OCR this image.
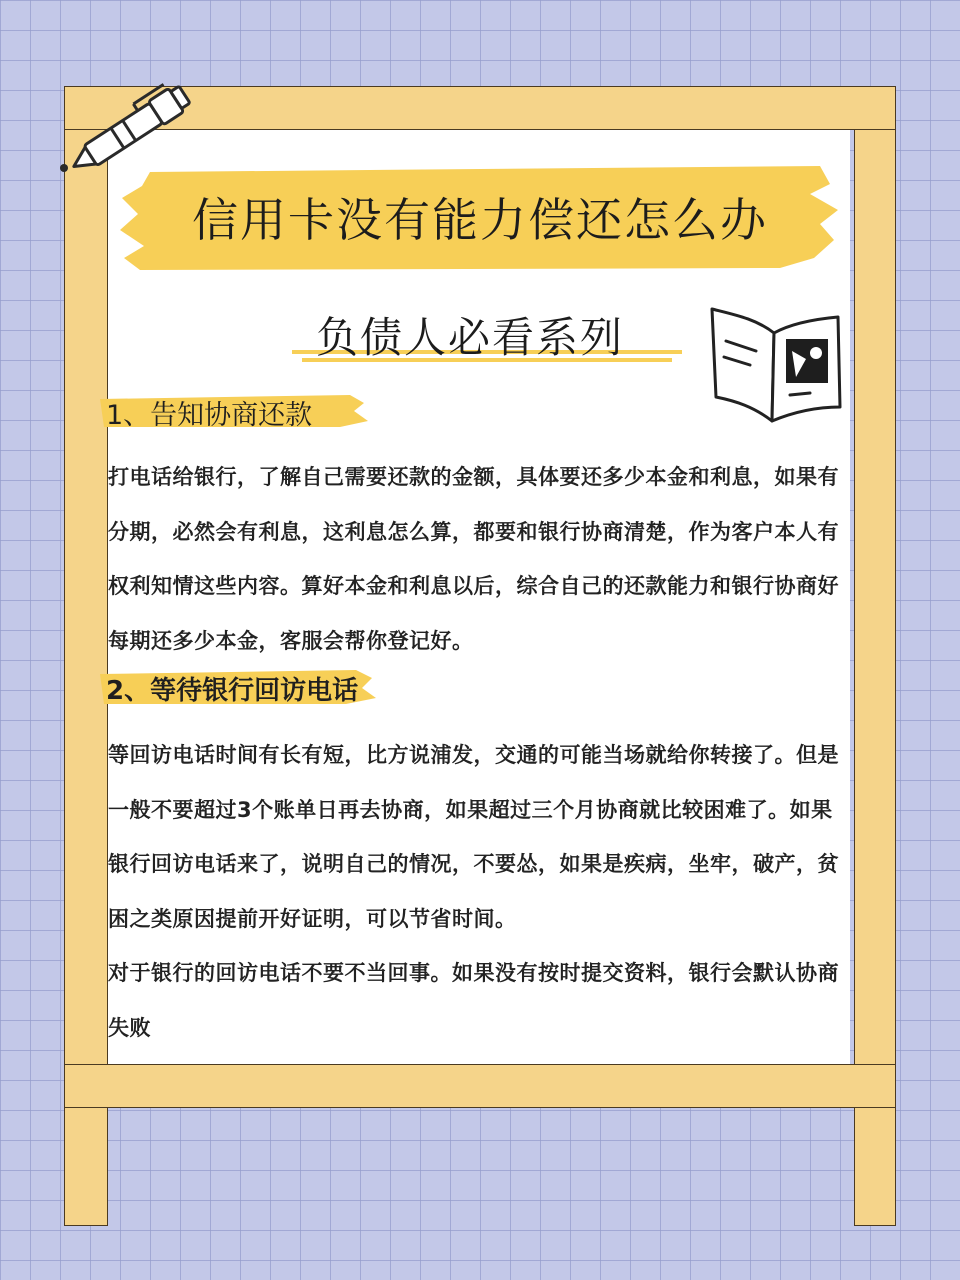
信用卡没有能力偿还怎么办
负债人必看系列
1、告知协商还款

打电话给银行，了解自己需要还款的金额，具体要还多少本金和利息，如果有分期，必然会有利息，这利息怎么算，都要和银行协商清楚，作为客户本人有权利知情这些内容。算好本金和利息以后，综合自己的还款能力和银行协商好每期还多少本金，客服会帮你登记好。

2、等待银行回访电话

等回访电话时间有长有短，比方说浦发，交通的可能当场就给你转接了。但是一般不要超过3个账单日再去协商，如果超过三个月协商就比较困难了。如果银行回访电话来了，说明自己的情况，不要怂，如果是疾病，坐牢，破产，贫困之类原因提前开好证明，可以节省时间。

对于银行的回访电话不要不当回事。如果没有按时提交资料，银行会默认协商失败
